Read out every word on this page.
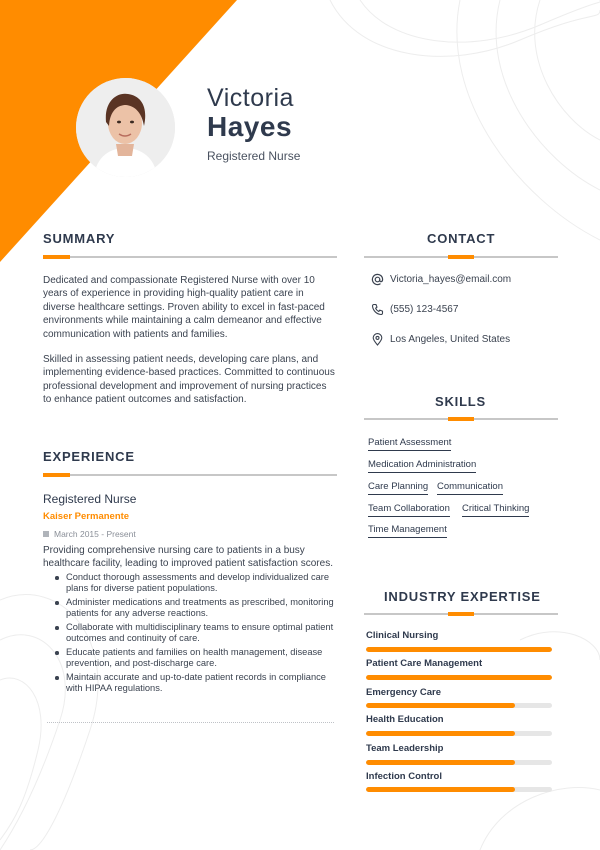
Victoria
Hayes
Registered Nurse
SUMMARY

Dedicated and compassionate Registered Nurse with over 10 years of experience in providing high-quality patient care in diverse healthcare settings. Proven ability to excel in fast-paced environments while maintaining a calm demeanor and effective communication with patients and families.

Skilled in assessing patient needs, developing care plans, and implementing evidence-based practices. Committed to continuous professional development and improvement of nursing practices to enhance patient outcomes and satisfaction.

EXPERIENCE
Registered Nurse
Kaiser Permanente
March 2015 - Present

Providing comprehensive nursing care to patients in a busy healthcare facility, leading to improved patient satisfaction scores.

Conduct thorough assessments and develop individualized care plans for diverse patient populations.
Administer medications and treatments as prescribed, monitoring patients for any adverse reactions.
Collaborate with multidisciplinary teams to ensure optimal patient outcomes and continuity of care.
Educate patients and families on health management, disease prevention, and post-discharge care.
Maintain accurate and up-to-date patient records in compliance with HIPAA regulations.
CONTACT
Victoria_hayes@email.com
(555) 123-4567
Los Angeles, United States
SKILLS
Patient Assessment
Medication Administration
Care Planning Communication
Team Collaboration Critical Thinking
Time Management
INDUSTRY EXPERTISE
Clinical Nursing
Patient Care Management
Emergency Care
Health Education
Team Leadership
Infection Control
